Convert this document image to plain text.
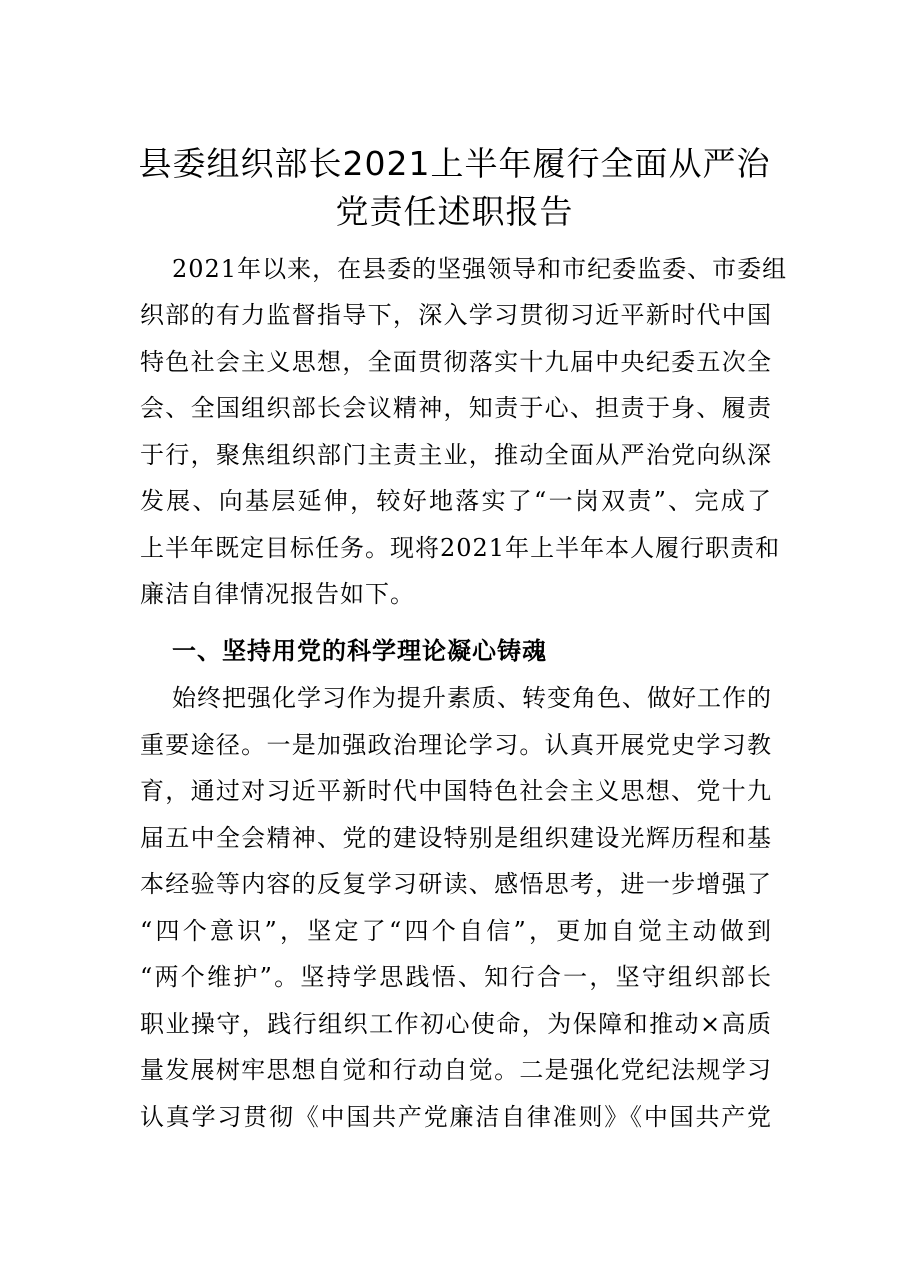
县委组织部长2021上半年履行全面从严治
党责任述职报告
2021年以来，在县委的坚强领导和市纪委监委、市委组
织部的有力监督指导下，深入学习贯彻习近平新时代中国
特色社会主义思想，全面贯彻落实十九届中央纪委五次全
会、全国组织部长会议精神，知责于心、担责于身、履责
于行，聚焦组织部门主责主业，推动全面从严治党向纵深
发展、向基层延伸，较好地落实了“一岗双责”、完成了
上半年既定目标任务。现将2021年上半年本人履行职责和
廉洁自律情况报告如下。
一、坚持用党的科学理论凝心铸魂
始终把强化学习作为提升素质、转变角色、做好工作的
重要途径。一是加强政治理论学习。认真开展党史学习教
育，通过对习近平新时代中国特色社会主义思想、党十九
届五中全会精神、党的建设特别是组织建设光辉历程和基
本经验等内容的反复学习研读、感悟思考，进一步增强了
“四个意识”，坚定了“四个自信”，更加自觉主动做到
“两个维护”。坚持学思践悟、知行合一，坚守组织部长
职业操守，践行组织工作初心使命，为保障和推动×高质
量发展树牢思想自觉和行动自觉。二是强化党纪法规学习
认真学习贯彻《中国共产党廉洁自律准则》《中国共产党
